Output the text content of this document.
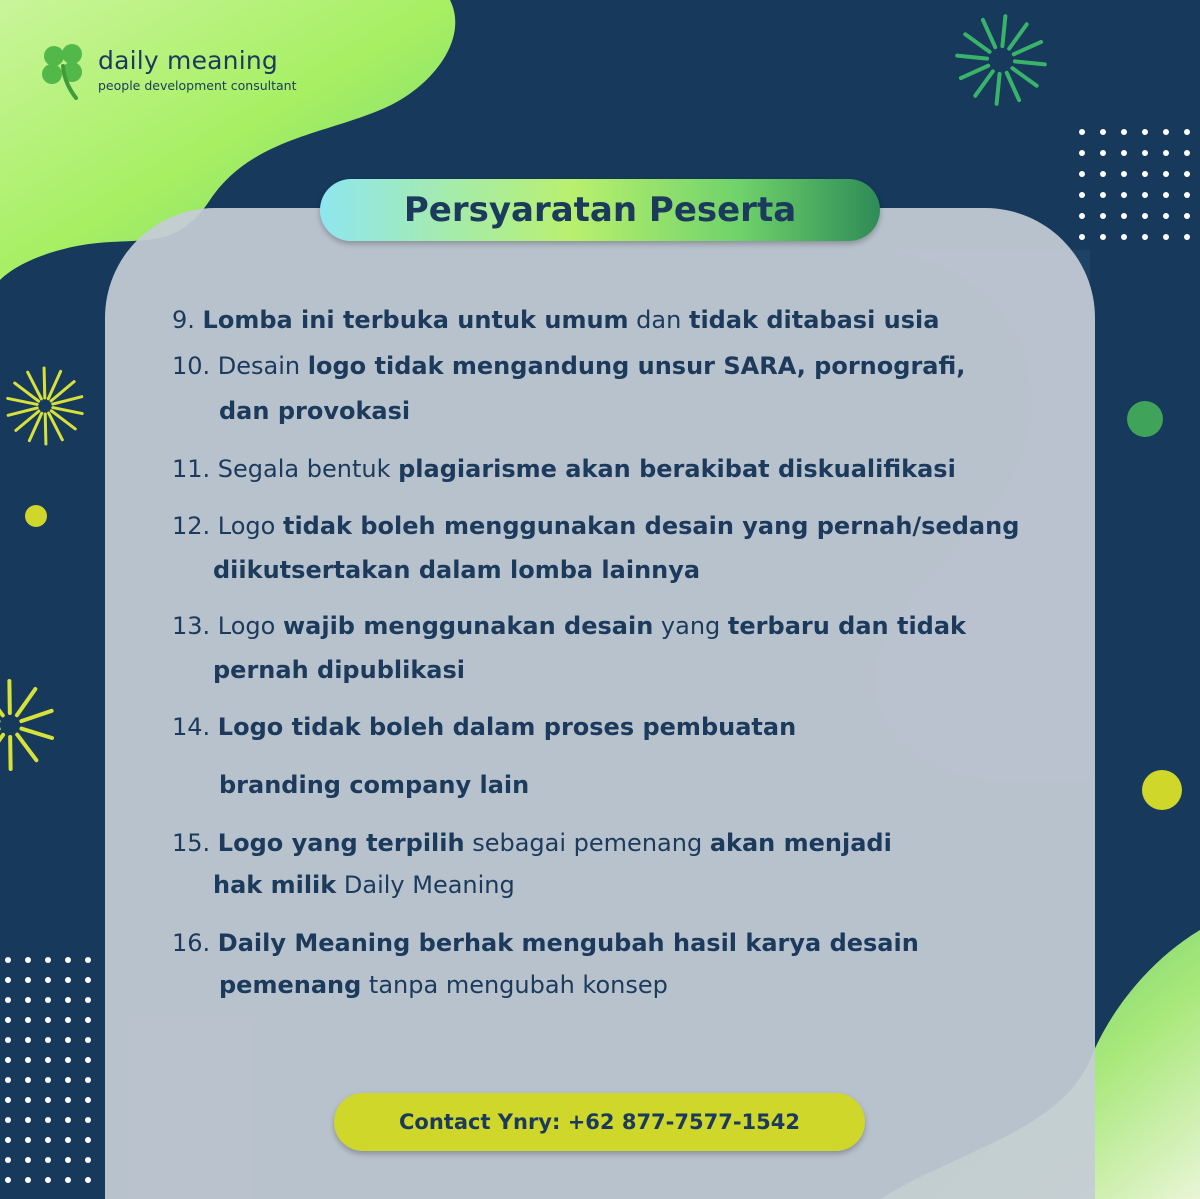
daily meaning
people development consultant
Persyaratan Peserta
9. Lomba ini terbuka untuk umum dan tidak ditabasi usia
10. Desain logo tidak mengandung unsur SARA, pornografi,
dan provokasi
11. Segala bentuk plagiarisme akan berakibat diskualifikasi
12. Logo tidak boleh menggunakan desain yang pernah/sedang
diikutsertakan dalam lomba lainnya
13. Logo wajib menggunakan desain yang terbaru dan tidak
pernah dipublikasi
14. Logo tidak boleh dalam proses pembuatan
branding company lain
15. Logo yang terpilih sebagai pemenang akan menjadi
hak milik Daily Meaning
16. Daily Meaning berhak mengubah hasil karya desain
pemenang tanpa mengubah konsep
Contact Ynry: +62 877-7577-1542
